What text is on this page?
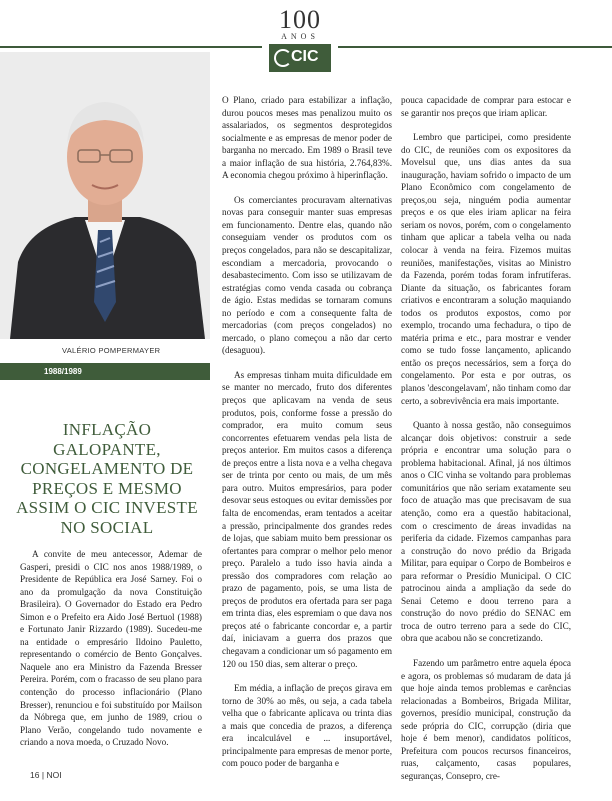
100
ANOS
CIC
VALÉRIO POMPERMAYER
1988/1989
INFLAÇÃO GALOPANTE, CONGELAMENTO DE PREÇOS E MESMO ASSIM O CIC INVESTE NO SOCIAL

A convite de meu antecessor, Ademar de Gasperi, presidi o CIC nos anos 1988/1989, o Presidente de República era José Sarney. Foi o ano da promulgação da nova Constituição Brasileira). O Governador do Estado era Pedro Simon e o Prefeito era Aido José Bertuol (1988) e Fortunato Janir Rizzardo (1989). Sucedeu-me na entidade o empresário Ildoino Pauletto, representando o comércio de Bento Gonçalves. Naquele ano era Ministro da Fazenda Bresser Pereira. Porém, com o fracasso de seu plano para contenção do processo inflacionário (Plano Bresser), renunciou e foi substituído por Mailson da Nóbrega que, em junho de 1989, criou o Plano Verão, congelando tudo novamente e criando a nova moeda, o Cruzado Novo.

O Plano, criado para estabilizar a inflação, durou poucos meses mas penalizou muito os assalariados, os segmentos desprotegidos socialmente e as empresas de menor poder de barganha no mercado. Em 1989 o Brasil teve a maior inflação de sua história, 2.764,83%. A economia chegou próximo à hiperinflação.

Os comerciantes procuravam alternativas novas para conseguir manter suas empresas em funcionamento. Dentre elas, quando não conseguiam vender os produtos com os preços congelados, para não se descapitalizar, escondiam a mercadoria, provocando o desabastecimento. Com isso se utilizavam de estratégias como venda casada ou cobrança de ágio. Estas medidas se tornaram comuns no período e com a consequente falta de mercadorias (com preços congelados) no mercado, o plano começou a não dar certo (desaguou).

As empresas tinham muita dificuldade em se manter no mercado, fruto dos diferentes preços que aplicavam na venda de seus produtos, pois, conforme fosse a pressão do comprador, era muito comum seus concorrentes efetuarem vendas pela lista de preços anterior. Em muitos casos a diferença de preços entre a lista nova e a velha chegava ser de trinta por cento ou mais, de um mês para outro. Muitos empresários, para poder desovar seus estoques ou evitar demissões por falta de encomendas, eram tentados a aceitar a pressão, principalmente dos grandes redes de lojas, que sabiam muito bem pressionar os ofertantes para comprar o melhor pelo menor preço. Paralelo a tudo isso havia ainda a pressão dos compradores com relação ao prazo de pagamento, pois, se uma lista de preços de produtos era ofertada para ser paga em trinta dias, eles espremiam o que dava nos preços até o fabricante concordar e, a partir daí, iniciavam a guerra dos prazos que chegavam a condicionar um só pagamento em 120 ou 150 dias, sem alterar o preço.

Em média, a inflação de preços girava em torno de 30% ao mês, ou seja, a cada tabela velha que o fabricante aplicava ou trinta dias a mais que concedia de prazos, a diferença era incalculável e ... insuportável, principalmente para empresas de menor porte, com pouco poder de barganha e

pouca capacidade de comprar para estocar e se garantir nos preços que iriam aplicar.

Lembro que participei, como presidente do CIC, de reuniões com os expositores da Movelsul que, uns dias antes da sua inauguração, haviam sofrido o impacto de um Plano Econômico com congelamento de preços,ou seja, ninguém podia aumentar preços e os que eles iriam aplicar na feira seriam os novos, porém, com o congelamento tinham que aplicar a tabela velha ou nada colocar à venda na feira. Fizemos muitas reuniões, manifestações, visitas ao Ministro da Fazenda, porém todas foram infrutíferas. Diante da situação, os fabricantes foram criativos e encontraram a solução maquiando todos os produtos expostos, como por exemplo, trocando uma fechadura, o tipo de matéria prima e etc., para mostrar e vender como se tudo fosse lançamento, aplicando então os preços necessários, sem a força do congelamento. Por esta e por outras, os planos 'descongelavam', não tinham como dar certo, a sobrevivência era mais importante.

Quanto à nossa gestão, não conseguimos alcançar dois objetivos: construir a sede própria e encontrar uma solução para o problema habitacional. Afinal, já nos últimos anos o CIC vinha se voltando para problemas comunitários que não seriam exatamente seu foco de atuação mas que precisavam de sua atenção, como era a questão habitacional, com o crescimento de áreas invadidas na periferia da cidade. Fizemos campanhas para a construção do novo prédio da Brigada Militar, para equipar o Corpo de Bombeiros e para reformar o Presídio Municipal. O CIC patrocinou ainda a ampliação da sede do Senai Cetemo e doou terreno para a construção do novo prédio do SENAC em troca de outro terreno para a sede do CIC, obra que acabou não se concretizando.

Fazendo um parâmetro entre aquela época e agora, os problemas só mudaram de data já que hoje ainda temos problemas e carências relacionadas a Bombeiros, Brigada Militar, governos, presídio municipal, construção da sede própria do CIC, corrupção (diria que hoje é bem menor), candidatos políticos, Prefeitura com poucos recursos financeiros, ruas, calçamento, casas populares, seguranças, Consepro, cre-

16 | NOI
